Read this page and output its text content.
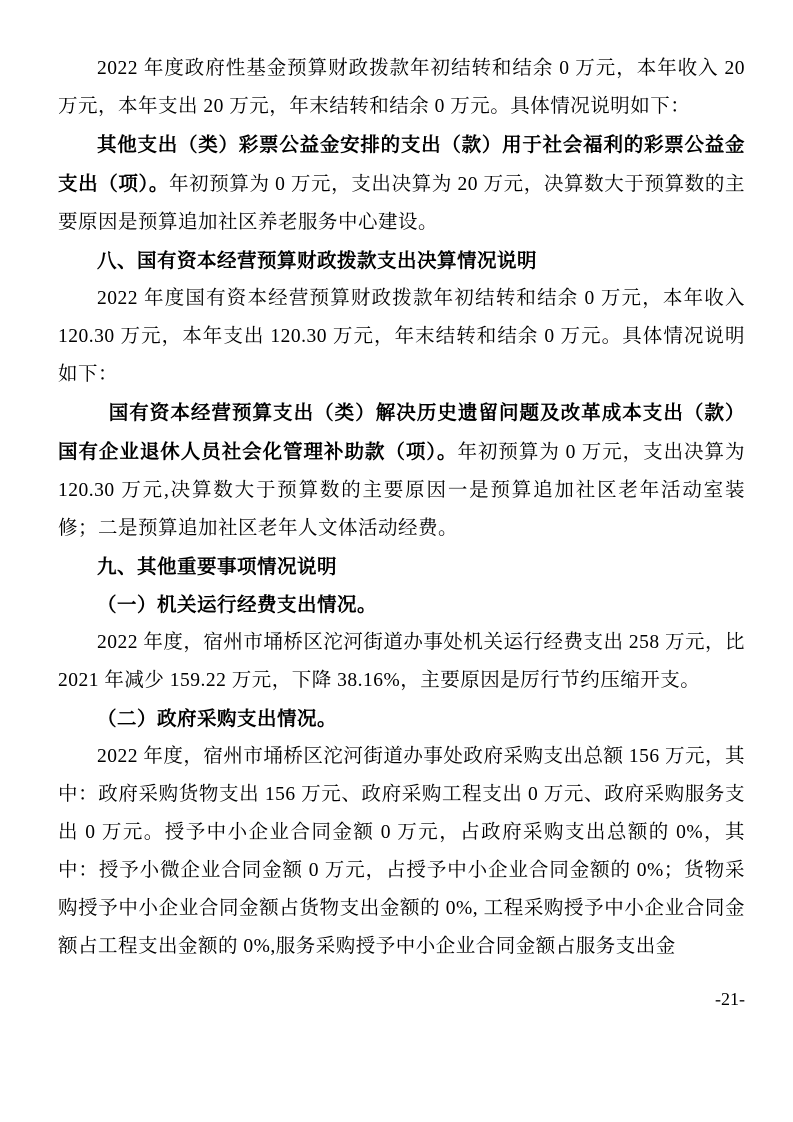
2022 年度政府性基金预算财政拨款年初结转和结余 0 万元，本年收入 20 万元，本年支出 20 万元，年末结转和结余 0 万元。具体情况说明如下：

其他支出（类）彩票公益金安排的支出（款）用于社会福利的彩票公益金支出（项）。年初预算为 0 万元，支出决算为 20 万元，决算数大于预算数的主要原因是预算追加社区养老服务中心建设。

八、国有资本经营预算财政拨款支出决算情况说明

2022 年度国有资本经营预算财政拨款年初结转和结余 0 万元，本年收入 120.30 万元，本年支出 120.30 万元，年末结转和结余 0 万元。具体情况说明如下：

国有资本经营预算支出（类）解决历史遗留问题及改革成本支出（款）国有企业退休人员社会化管理补助款（项）。年初预算为 0 万元，支出决算为 120.30 万元,决算数大于预算数的主要原因一是预算追加社区老年活动室装修；二是预算追加社区老年人文体活动经费。

九、其他重要事项情况说明

（一）机关运行经费支出情况。

2022 年度，宿州市埇桥区沱河街道办事处机关运行经费支出 258 万元，比 2021 年减少 159.22 万元，下降 38.16%，主要原因是厉行节约压缩开支。

（二）政府采购支出情况。

2022 年度，宿州市埇桥区沱河街道办事处政府采购支出总额 156 万元，其中：政府采购货物支出 156 万元、政府采购工程支出 0 万元、政府采购服务支出 0 万元。授予中小企业合同金额 0 万元，占政府采购支出总额的 0%，其中：授予小微企业合同金额 0 万元，占授予中小企业合同金额的 0%；货物采购授予中小企业合同金额占货物支出金额的 0%, 工程采购授予中小企业合同金额占工程支出金额的 0%,服务采购授予中小企业合同金额占服务支出金

-21-
